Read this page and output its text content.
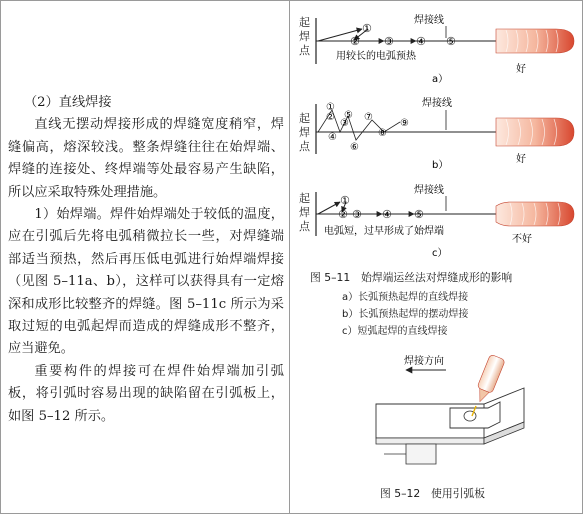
（2）直线焊接

直线无摆动焊接形成的焊缝宽度稍窄，焊缝偏高，熔深较浅。整条焊缝往往在始焊端、焊缝的连接处、终焊端等处最容易产生缺陷，所以应采取特殊处理措施。

1）始焊端。焊件始焊端处于较低的温度，应在引弧后先将电弧稍微拉长一些，对焊缝端部适当预热，然后再压低电弧进行始焊端焊接（见图 5–11a、b），这样可以获得具有一定熔深和成形比较整齐的焊缝。图 5–11c 所示为采取过短的电弧起焊而造成的焊缝成形不整齐，应当避免。

重要构件的焊接可在焊件始焊端加引弧板，将引弧时容易出现的缺陷留在引弧板上，如图 5–12 所示。

起
焊
点
焊接线
①
② ③ ④ ⑤
用较长的电弧预热
好
a）
起
焊
点
焊接线
①
②
③
④
⑤
⑥
⑦
⑧
⑨
好
b）
起
焊
点
焊接线
①
② ③ ④ ⑤
电弧短，过早形成了始焊端
不好
c）
图 5–11　始焊端运丝法对焊缝成形的影响
a）长弧预热起焊的直线焊接
b）长弧预热起焊的摆动焊接
c）短弧起焊的直线焊接
焊接方向
图 5–12　使用引弧板
